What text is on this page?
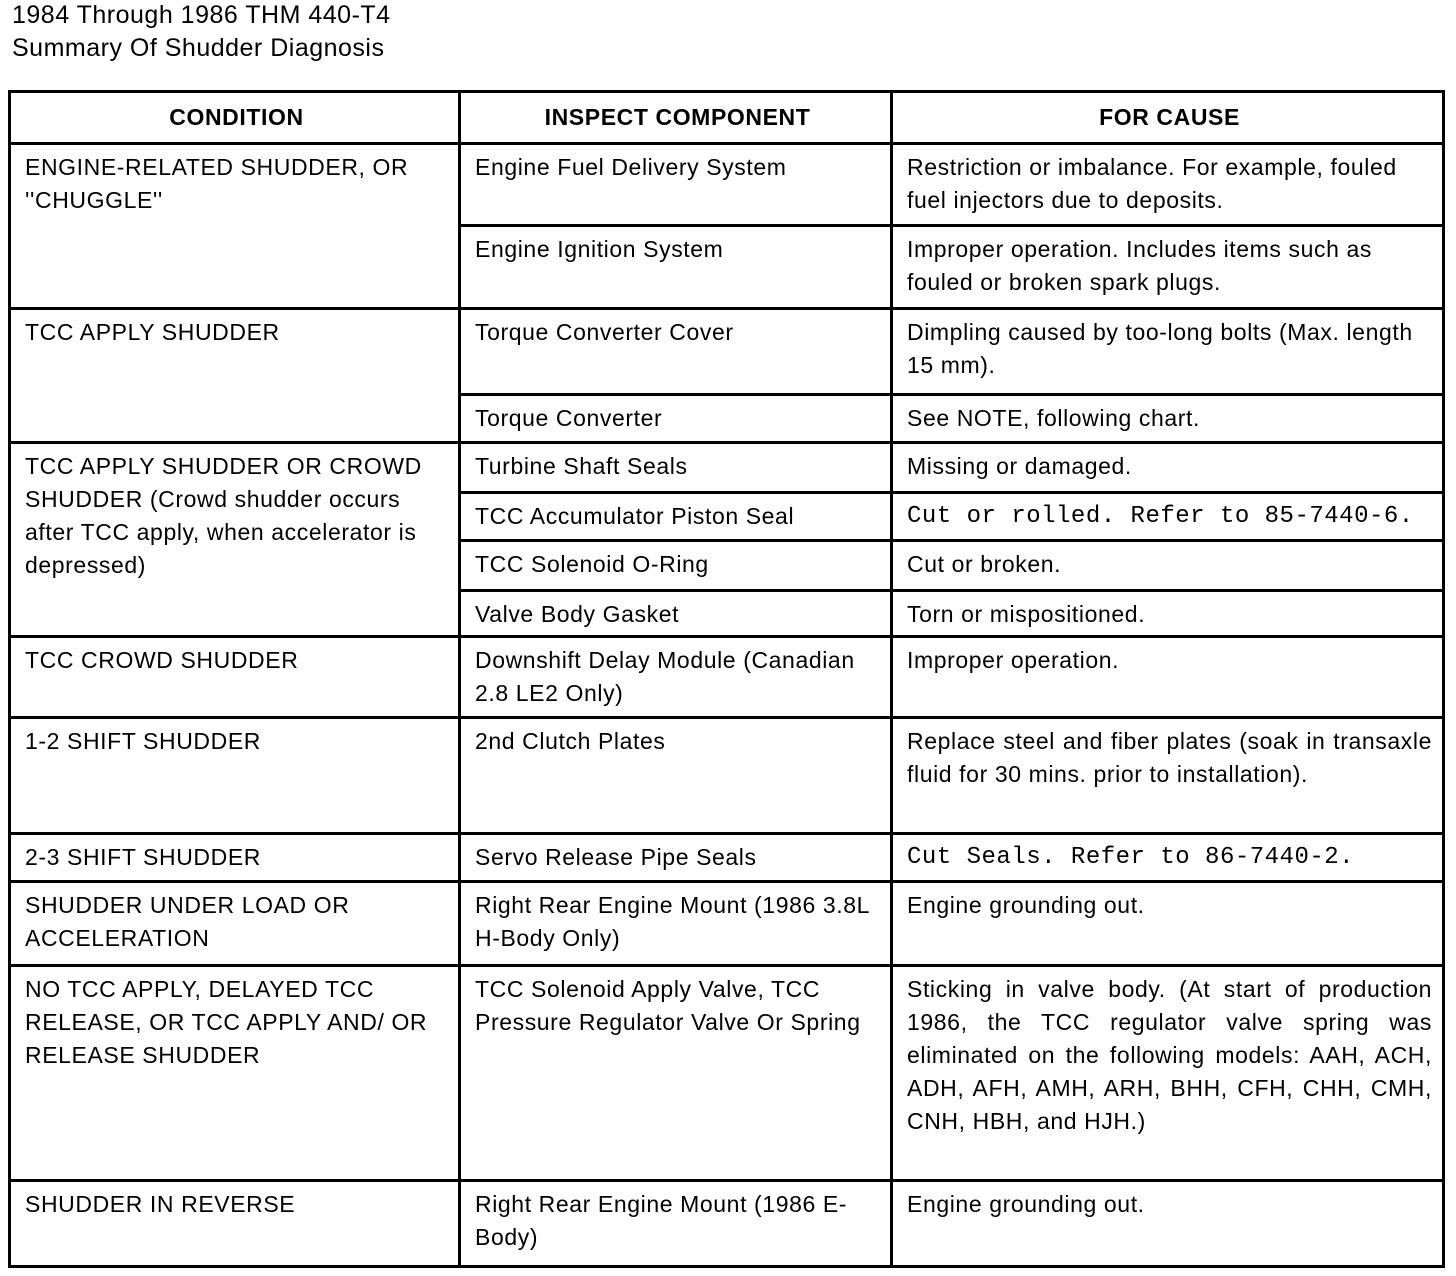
1984 Through 1986 THM 440-T4
Summary Of Shudder Diagnosis
CONDITION	INSPECT COMPONENT	FOR CAUSE

ENGINE-RELATED SHUDDER, OR ''CHUGGLE''	Engine Fuel Delivery System	Restriction or imbalance. For example, fouled fuel injectors due to deposits.

	Engine Ignition System	Improper operation. Includes items such as fouled or broken spark plugs.

TCC APPLY SHUDDER	Torque Converter Cover	Dimpling caused by too-long bolts (Max. length 15 mm).

	Torque Converter	See NOTE, following chart.

TCC APPLY SHUDDER OR CROWD SHUDDER (Crowd shudder occurs after TCC apply, when accelerator is depressed)	Turbine Shaft Seals	Missing or damaged.

	TCC Accumulator Piston Seal	Cut or rolled. Refer to 85-7440-6.

	TCC Solenoid O-Ring	Cut or broken.

	Valve Body Gasket	Torn or mispositioned.

TCC CROWD SHUDDER	Downshift Delay Module (Canadian 2.8 LE2 Only)	Improper operation.

1-2 SHIFT SHUDDER	2nd Clutch Plates	Replace steel and fiber plates (soak in transaxle fluid for 30 mins. prior to installation).

2-3 SHIFT SHUDDER	Servo Release Pipe Seals	Cut Seals. Refer to 86-7440-2.

SHUDDER UNDER LOAD OR ACCELERATION	Right Rear Engine Mount (1986 3.8L H-Body Only)	Engine grounding out.

NO TCC APPLY, DELAYED TCC RELEASE, OR TCC APPLY AND/ OR RELEASE SHUDDER	TCC Solenoid Apply Valve, TCC Pressure Regulator Valve Or Spring	Sticking in valve body. (At start of production 1986, the TCC regulator valve spring was eliminated on the following models: AAH, ACH, ADH, AFH, AMH, ARH, BHH, CFH, CHH, CMH, CNH, HBH, and HJH.)

SHUDDER IN REVERSE	Right Rear Engine Mount (1986 E-Body)	Engine grounding out.
